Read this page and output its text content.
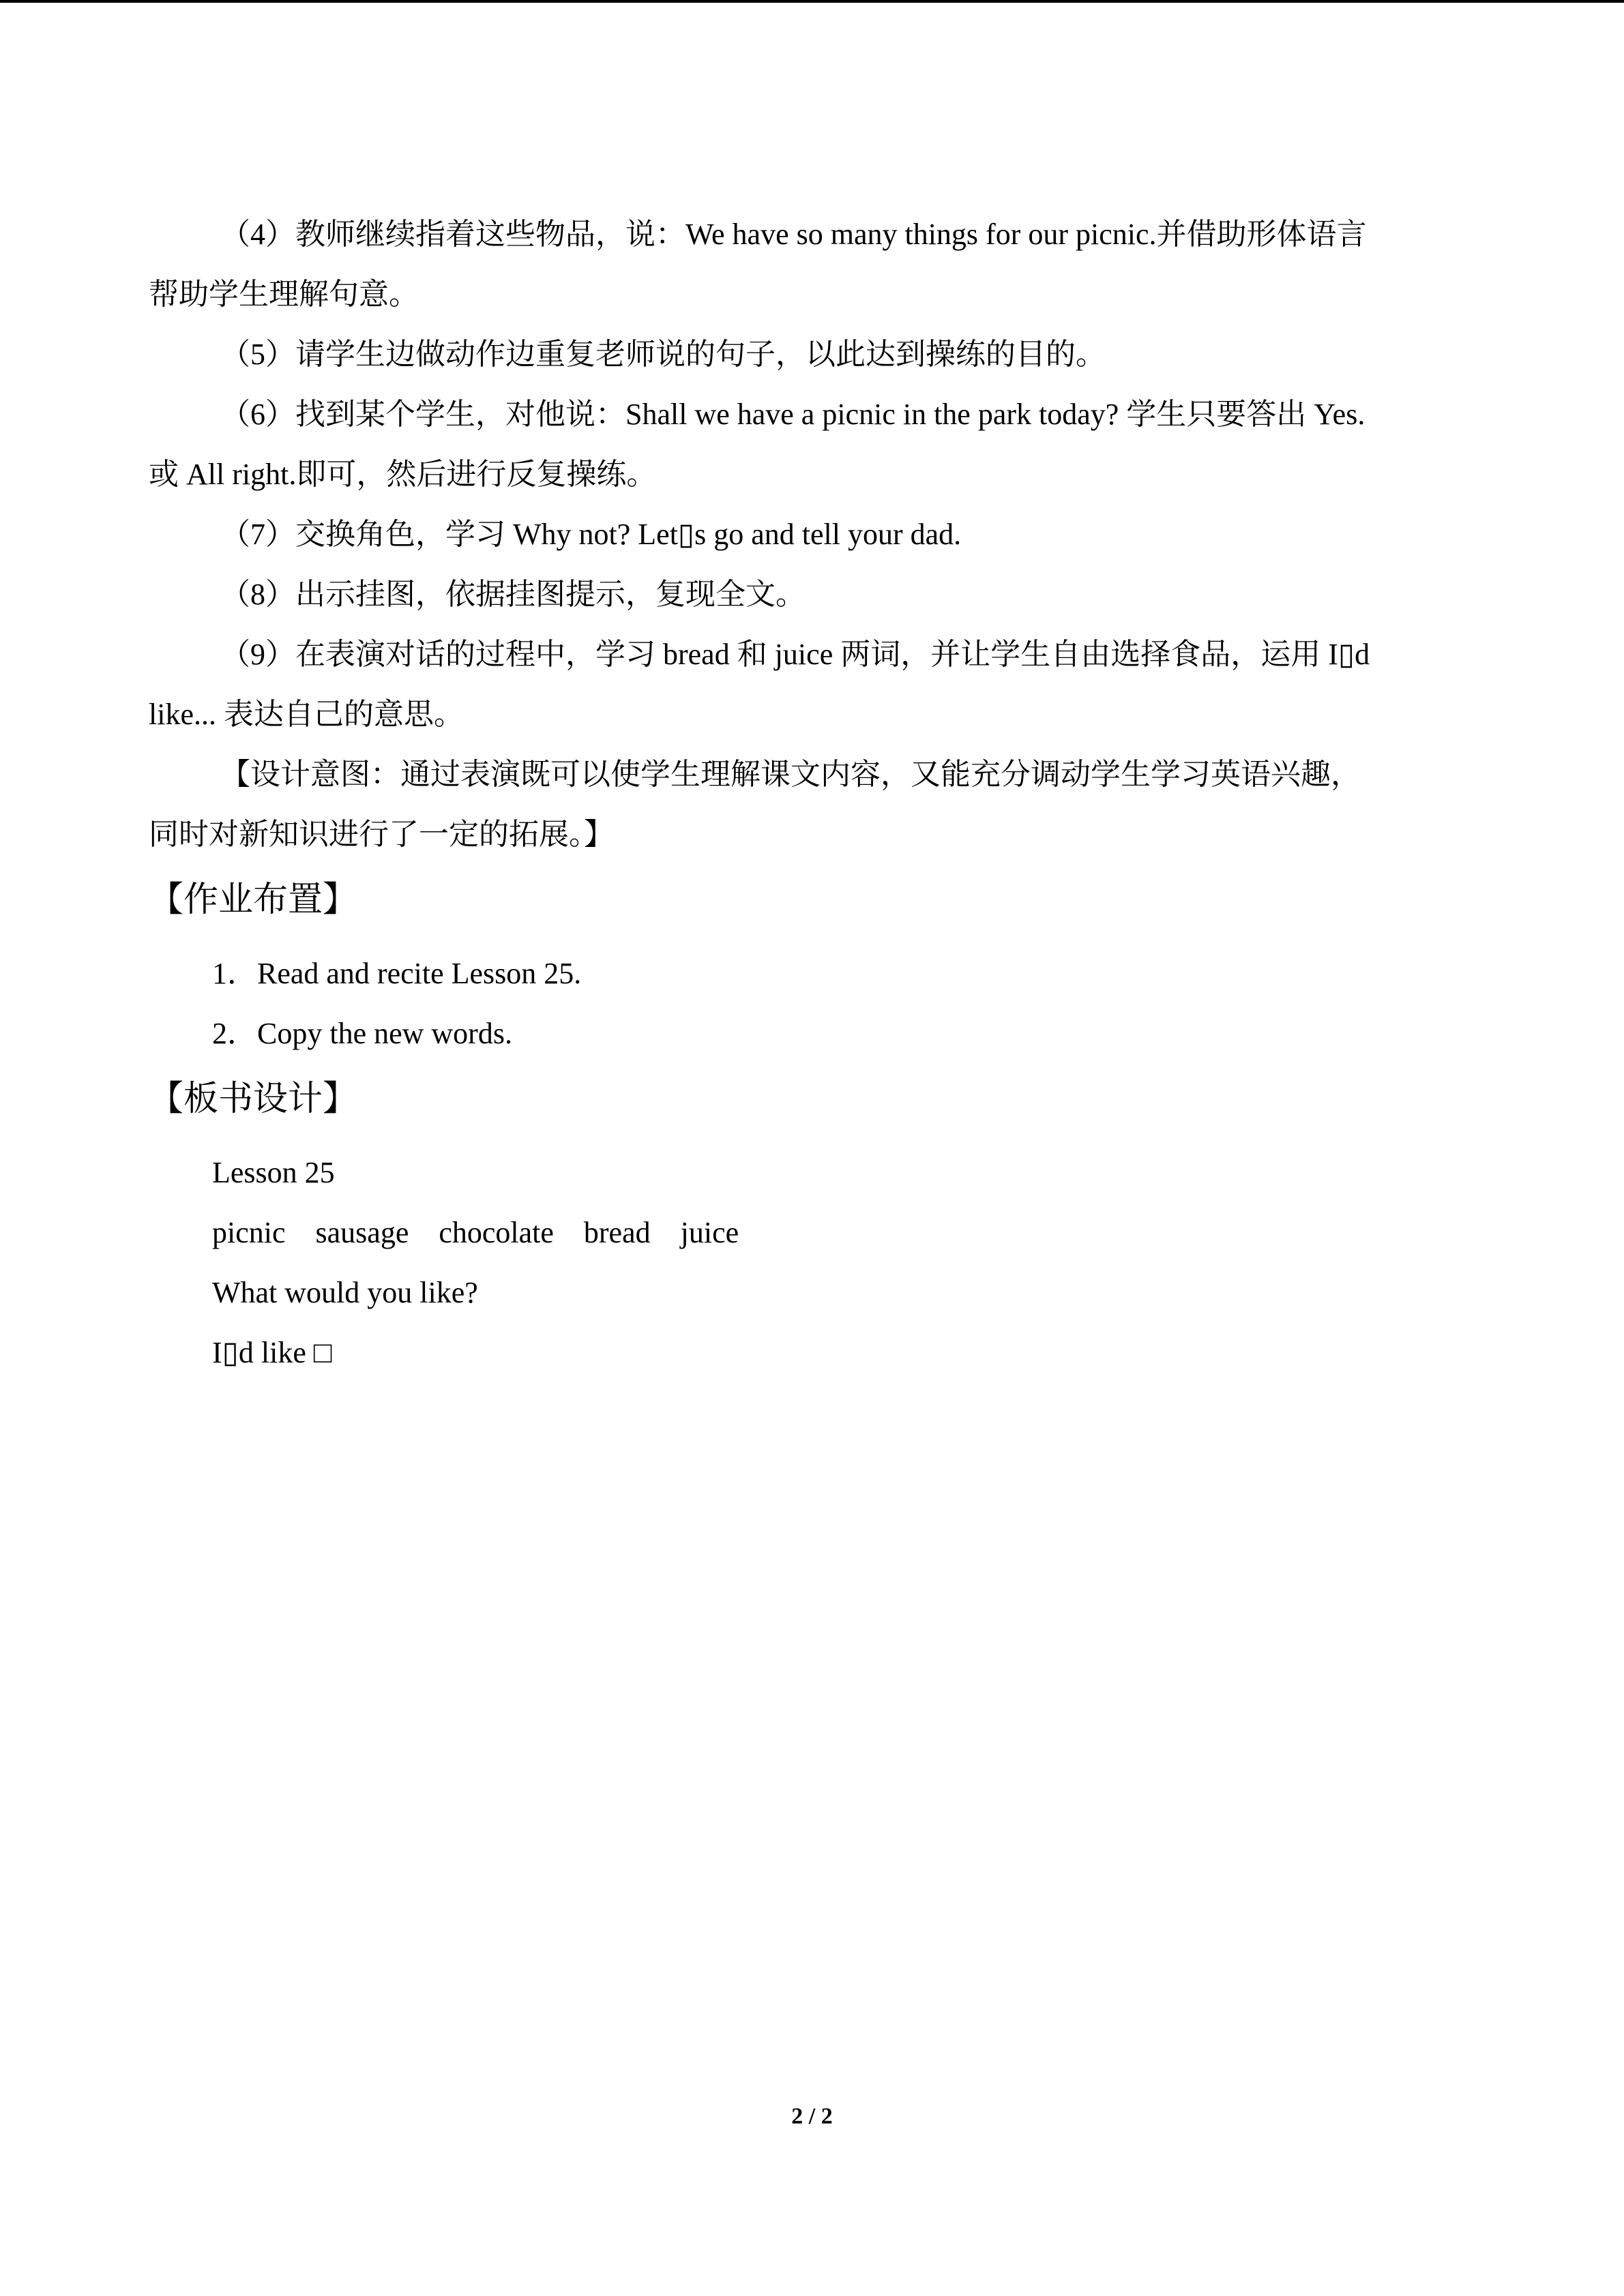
（4）教师继续指着这些物品，说：We have so many things for our picnic.并借助形体语言

帮助学生理解句意。

（5）请学生边做动作边重复老师说的句子，以此达到操练的目的。

（6）找到某个学生，对他说：Shall we have a picnic in the park today? 学生只要答出 Yes.

或 All right.即可，然后进行反复操练。

（7）交换角色，学习 Why not? Let▯s go and tell your dad.

（8）出示挂图，依据挂图提示，复现全文。

（9）在表演对话的过程中，学习 bread 和 juice 两词，并让学生自由选择食品，运用 I▯d

like... 表达自己的意思。

【设计意图：通过表演既可以使学生理解课文内容，又能充分调动学生学习英语兴趣，

同时对新知识进行了一定的拓展。】

【作业布置】

1．Read and recite Lesson 25.

2．Copy the new words.

【板书设计】

Lesson 25

picnic    sausage    chocolate    bread    juice

What would you like?

I▯d like □

2 / 2
